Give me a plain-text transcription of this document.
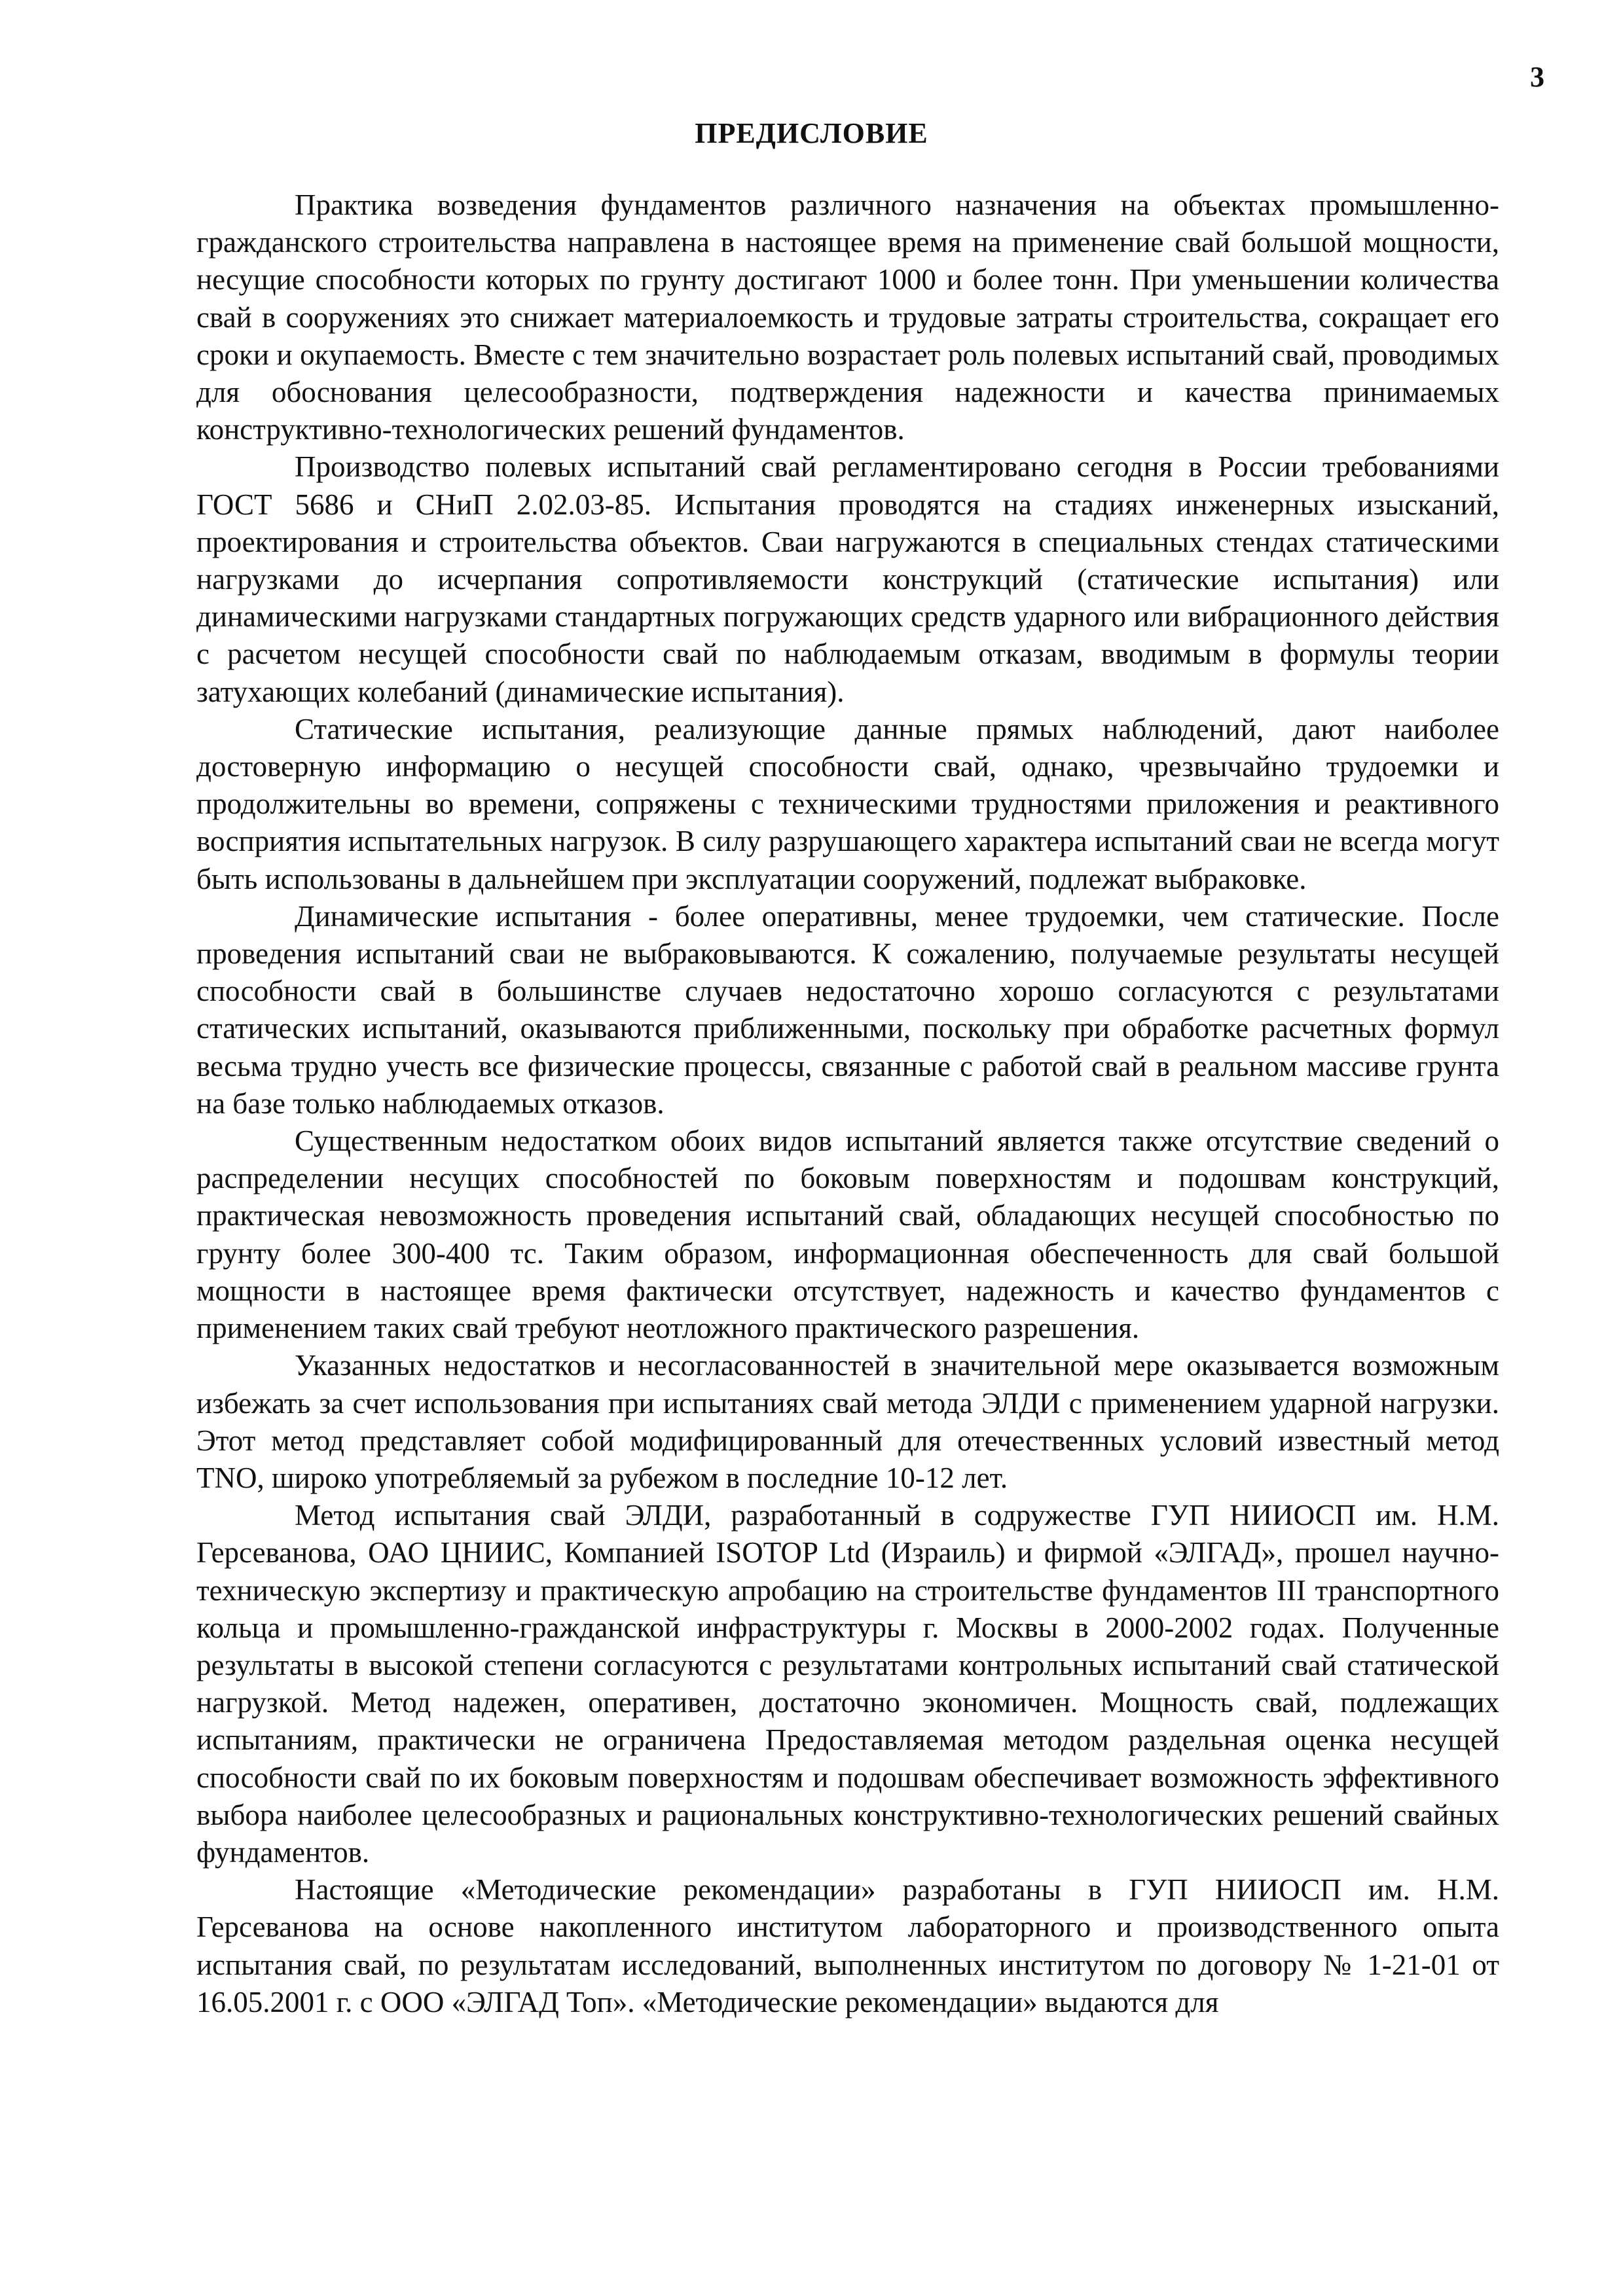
3
ПРЕДИСЛОВИЕ

Практика возведения фундаментов различного назначения на объектах промышленно-гражданского строительства направлена в настоящее время на применение свай большой мощности, несущие способности которых по грунту достигают 1000 и более тонн. При уменьшении количества свай в сооружениях это снижает материалоемкость и трудовые затраты строительства, сокращает его сроки и окупаемость. Вместе с тем значительно возрастает роль полевых испытаний свай, проводимых для обоснования целесообразности, подтверждения надежности и качества принимаемых конструктивно-технологических решений фундаментов.

Производство полевых испытаний свай регламентировано сегодня в России требованиями ГОСТ 5686 и СНиП 2.02.03-85. Испытания проводятся на стадиях инженерных изысканий, проектирования и строительства объектов. Сваи нагружаются в специальных стендах статическими нагрузками до исчерпания сопротивляемости конструкций (статические испытания) или динамическими нагрузками стандартных погружающих средств ударного или вибрационного действия с расчетом несущей способности свай по наблюдаемым отказам, вводимым в формулы теории затухающих колебаний (динамические испытания).

Статические испытания, реализующие данные прямых наблюдений, дают наиболее достоверную информацию о несущей способности свай, однако, чрезвычайно трудоемки и продолжительны во времени, сопряжены с техническими трудностями приложения и реактивного восприятия испытательных нагрузок. В силу разрушающего характера испытаний сваи не всегда могут быть использованы в дальнейшем при эксплуатации сооружений, подлежат выбраковке.

Динамические испытания - более оперативны, менее трудоемки, чем статические. После проведения испытаний сваи не выбраковываются. К сожалению, получаемые результаты несущей способности свай в большинстве случаев недостаточно хорошо согласуются с результатами статических испытаний, оказываются приближенными, поскольку при обработке расчетных формул весьма трудно учесть все физические процессы, связанные с работой свай в реальном массиве грунта на базе только наблюдаемых отказов.

Существенным недостатком обоих видов испытаний является также отсутствие сведений о распределении несущих способностей по боковым поверхностям и подошвам конструкций, практическая невозможность проведения испытаний свай, обладающих несущей способностью по грунту более 300-400 тс. Таким образом, информационная обеспеченность для свай большой мощности в настоящее время фактически отсутствует, надежность и качество фундаментов с применением таких свай требуют неотложного практического разрешения.

Указанных недостатков и несогласованностей в значительной мере оказывается возможным избежать за счет использования при испытаниях свай метода ЭЛДИ с применением ударной нагрузки. Этот метод представляет собой модифицированный для отечественных условий известный метод TNO, широко употребляемый за рубежом в последние 10-12 лет.

Метод испытания свай ЭЛДИ, разработанный в содружестве ГУП НИИОСП им. Н.М. Герсеванова, ОАО ЦНИИС, Компанией ISOTOP Ltd (Израиль) и фирмой «ЭЛГАД», прошел научно-техническую экспертизу и практическую апробацию на строительстве фундаментов III транспортного кольца и промышленно-гражданской инфраструктуры г. Москвы в 2000-2002 годах. Полученные результаты в высокой степени согласуются с результатами контрольных испытаний свай статической нагрузкой. Метод надежен, оперативен, достаточно экономичен. Мощность свай, подлежащих испытаниям, практически не ограничена Предоставляемая методом раздельная оценка несущей способности свай по их боковым поверхностям и подошвам обеспечивает возможность эффективного выбора наиболее целесообразных и рациональных конструктивно-технологических решений свайных фундаментов.

Настоящие «Методические рекомендации» разработаны в ГУП НИИОСП им. Н.М. Герсеванова на основе накопленного институтом лабораторного и производственного опыта испытания свай, по результатам исследований, выполненных институтом по договору № 1-21-01 от 16.05.2001 г. с ООО «ЭЛГАД Топ». «Методические рекомендации» выдаются для
